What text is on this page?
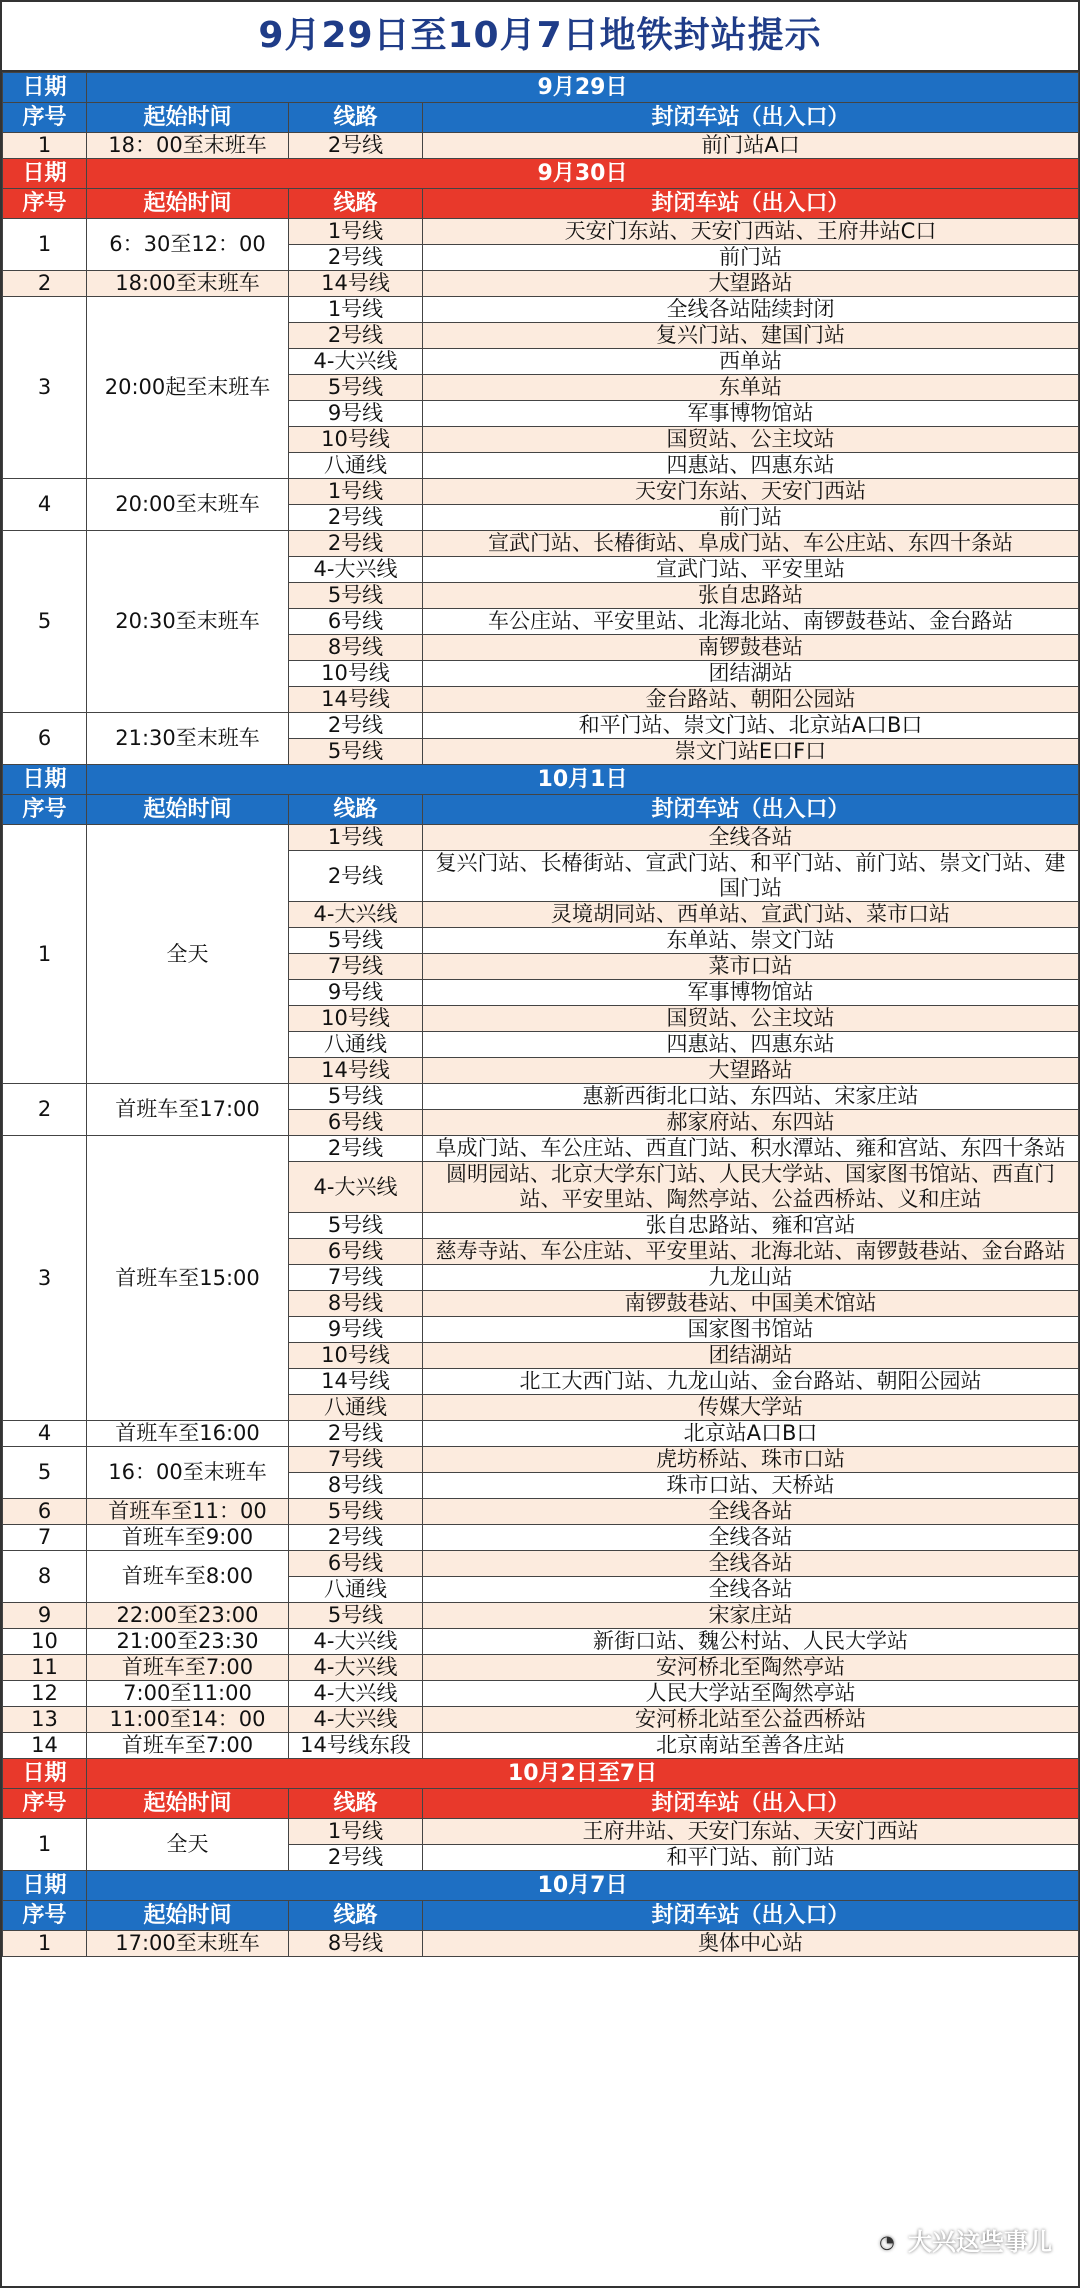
9月29日至10月7日地铁封站提示
日期	9月29日		
序号	起始时间	线路	封闭车站（出入口）
1	18：00至末班车	2号线	前门站A口
日期	9月30日		
序号	起始时间	线路	封闭车站（出入口）
1	6：30至12：00	1号线	天安门东站、天安门西站、王府井站C口
		2号线	前门站
2	18:00至末班车	14号线	大望路站
3	20:00起至末班车	1号线	全线各站陆续封闭
		2号线	复兴门站、建国门站
		4-大兴线	西单站
		5号线	东单站
		9号线	军事博物馆站
		10号线	国贸站、公主坟站
		八通线	四惠站、四惠东站
4	20:00至末班车	1号线	天安门东站、天安门西站
		2号线	前门站
5	20:30至末班车	2号线	宣武门站、长椿街站、阜成门站、车公庄站、东四十条站
		4-大兴线	宣武门站、平安里站
		5号线	张自忠路站
		6号线	车公庄站、平安里站、北海北站、南锣鼓巷站、金台路站
		8号线	南锣鼓巷站
		10号线	团结湖站
		14号线	金台路站、朝阳公园站
6	21:30至末班车	2号线	和平门站、崇文门站、北京站A口B口
		5号线	崇文门站E口F口
日期	10月1日		
序号	起始时间	线路	封闭车站（出入口）
1	全天	1号线	全线各站
		2号线	复兴门站、长椿街站、宣武门站、和平门站、前门站、崇文门站、建国门站
		4-大兴线	灵境胡同站、西单站、宣武门站、菜市口站
		5号线	东单站、崇文门站
		7号线	菜市口站
		9号线	军事博物馆站
		10号线	国贸站、公主坟站
		八通线	四惠站、四惠东站
		14号线	大望路站
2	首班车至17:00	5号线	惠新西街北口站、东四站、宋家庄站
		6号线	郝家府站、东四站
3	首班车至15:00	2号线	阜成门站、车公庄站、西直门站、积水潭站、雍和宫站、东四十条站
		4-大兴线	圆明园站、北京大学东门站、人民大学站、国家图书馆站、西直门站、平安里站、陶然亭站、公益西桥站、义和庄站
		5号线	张自忠路站、雍和宫站
		6号线	慈寿寺站、车公庄站、平安里站、北海北站、南锣鼓巷站、金台路站
		7号线	九龙山站
		8号线	南锣鼓巷站、中国美术馆站
		9号线	国家图书馆站
		10号线	团结湖站
		14号线	北工大西门站、九龙山站、金台路站、朝阳公园站
		八通线	传媒大学站
4	首班车至16:00	2号线	北京站A口B口
5	16：00至末班车	7号线	虎坊桥站、珠市口站
		8号线	珠市口站、天桥站
6	首班车至11：00	5号线	全线各站
7	首班车至9:00	2号线	全线各站
8	首班车至8:00	6号线	全线各站
		八通线	全线各站
9	22:00至23:00	5号线	宋家庄站
10	21:00至23:30	4-大兴线	新街口站、魏公村站、人民大学站
11	首班车至7:00	4-大兴线	安河桥北至陶然亭站
12	7:00至11:00	4-大兴线	人民大学站至陶然亭站
13	11:00至14：00	4-大兴线	安河桥北站至公益西桥站
14	首班车至7:00	14号线东段	北京南站至善各庄站
日期	10月2日至7日		
序号	起始时间	线路	封闭车站（出入口）
1	全天	1号线	王府井站、天安门东站、天安门西站
		2号线	和平门站、前门站
日期	10月7日		
序号	起始时间	线路	封闭车站（出入口）
1	17:00至末班车	8号线	奥体中心站
◔ 大兴这些事儿
